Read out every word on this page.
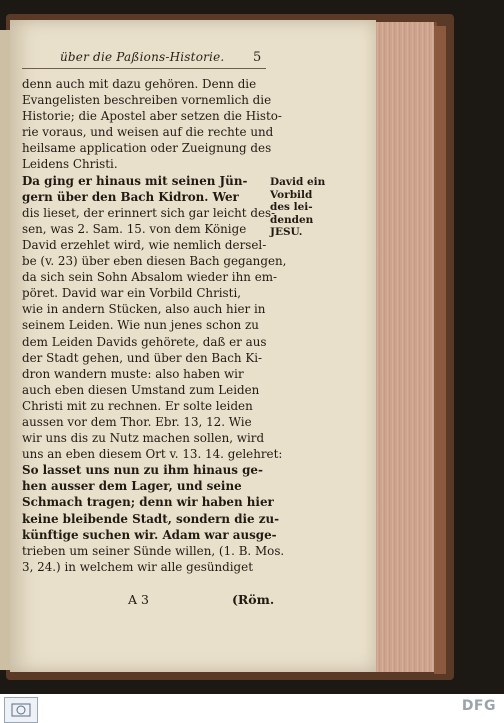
über die Paßions-Historie.	5
denn auch mit dazu gehören. Denn die
Evangelisten beschreiben vornemlich die
Historie; die Apostel aber setzen die Histo-
rie voraus, und weisen auf die rechte und
heilsame application oder Zueignung des
Leidens Christi.
Da ging er hinaus mit seinen Jün-
gern über den Bach Kidron. Wer
dis lieset, der erinnert sich gar leicht des-
sen, was 2. Sam. 15. von dem Könige
David erzehlet wird, wie nemlich dersel-
be (v. 23) über eben diesen Bach gegangen,
da sich sein Sohn Absalom wieder ihn em-
pöret. David war ein Vorbild Christi,
wie in andern Stücken, also auch hier in
seinem Leiden. Wie nun jenes schon zu
dem Leiden Davids gehörete, daß er aus
der Stadt gehen, und über den Bach Ki-
dron wandern muste: also haben wir
auch eben diesen Umstand zum Leiden
Christi mit zu rechnen. Er solte leiden
aussen vor dem Thor. Ebr. 13, 12. Wie
wir uns dis zu Nutz machen sollen, wird
uns an eben diesem Ort v. 13. 14. gelehret:
So lasset uns nun zu ihm hinaus ge-
hen ausser dem Lager, und seine
Schmach tragen; denn wir haben hier
keine bleibende Stadt, sondern die zu-
künftige suchen wir. Adam war ausge-
trieben um seiner Sünde willen, (1. B. Mos.
3, 24.) in welchem wir alle gesündiget
David ein
Vorbild
des lei-
denden
JESU.
A 3	(Röm.
DFG
